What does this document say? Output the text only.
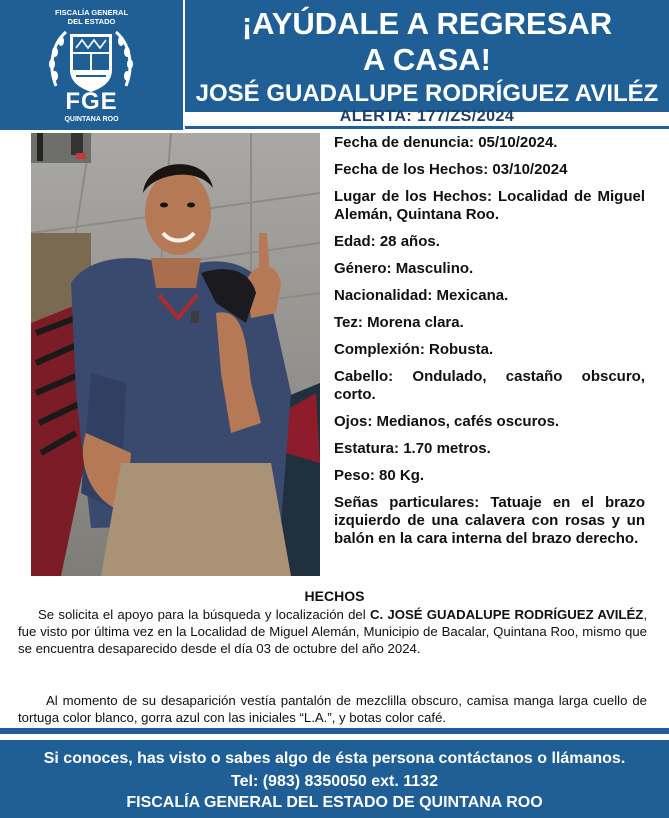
FISCALÍA GENERAL
DEL ESTADO
FGE
QUINTANA ROO
¡AYÚDALE A REGRESAR
A CASA!
JOSÉ GUADALUPE RODRÍGUEZ AVILÉZ
ALERTA: 177/ZS/2024
Fecha de denuncia: 05/10/2024.
Fecha de los Hechos: 03/10/2024
Lugar de los Hechos: Localidad de Miguel Alemán, Quintana Roo.
Edad: 28 años.
Género: Masculino.
Nacionalidad: Mexicana.
Tez: Morena clara.
Complexión: Robusta.
Cabello: Ondulado, castaño obscuro, corto.
Ojos: Medianos, cafés oscuros.
Estatura: 1.70 metros.
Peso: 80 Kg.
Señas particulares: Tatuaje en el brazo izquierdo de una calavera con rosas y un balón en la cara interna del brazo derecho.
HECHOS
Se solicita el apoyo para la búsqueda y localización del C. JOSÉ GUADALUPE RODRÍGUEZ AVILÉZ, fue visto por última vez en la Localidad de Miguel Alemán, Municipio de Bacalar, Quintana Roo, mismo que se encuentra desaparecido desde el día 03 de octubre del año 2024.
Al momento de su desaparición vestía pantalón de mezclilla obscuro, camisa manga larga cuello de tortuga color blanco, gorra azul con las iniciales “L.A.”, y botas color café.
Si conoces, has visto o sabes algo de ésta persona contáctanos o llámanos.
Tel: (983) 8350050 ext. 1132
FISCALÍA GENERAL DEL ESTADO DE QUINTANA ROO
